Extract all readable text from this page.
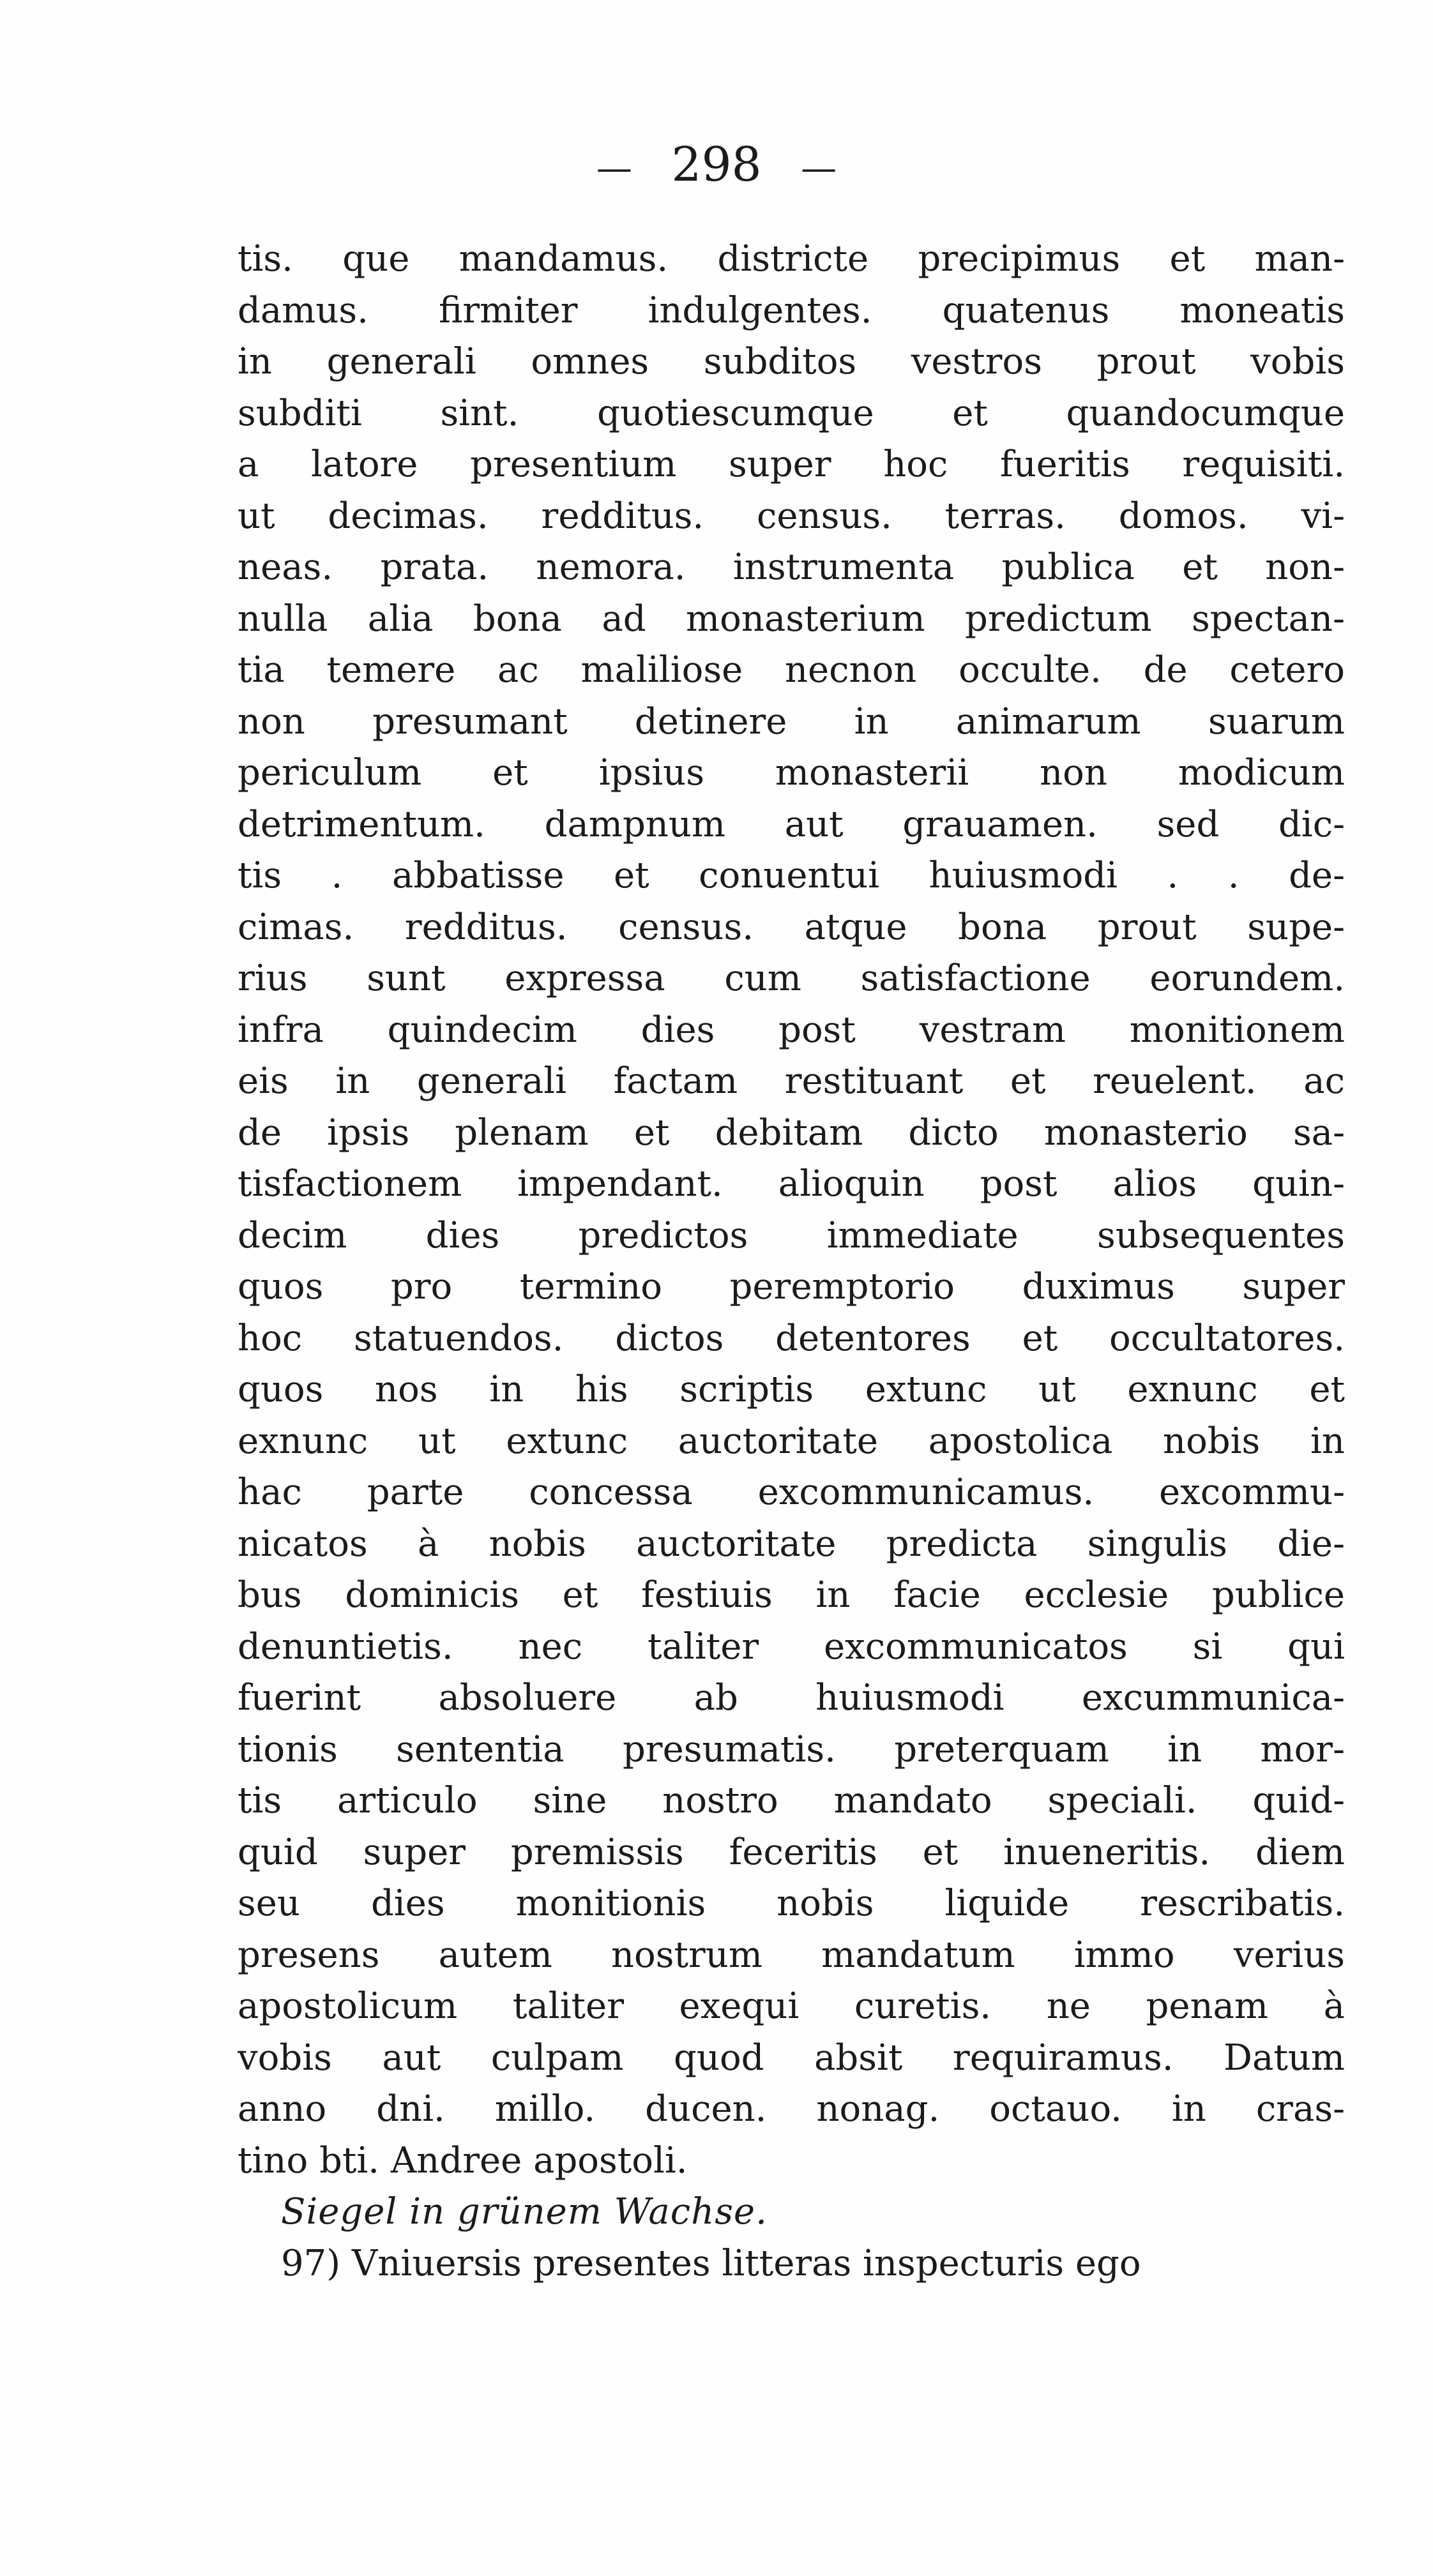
— 298 —
tis. que mandamus. districte precipimus et man-
damus. firmiter indulgentes. quatenus moneatis
in generali omnes subditos vestros prout vobis
subditi sint. quotiescumque et quandocumque
a latore presentium super hoc fueritis requisiti.
ut decimas. redditus. census. terras. domos. vi-
neas. prata. nemora. instrumenta publica et non-
nulla alia bona ad monasterium predictum spectan-
tia temere ac maliliose necnon occulte. de cetero
non presumant detinere in animarum suarum
periculum et ipsius monasterii non modicum
detrimentum. dampnum aut grauamen. sed dic-
tis . abbatisse et conuentui huiusmodi . . de-
cimas. redditus. census. atque bona prout supe-
rius sunt expressa cum satisfactione eorundem.
infra quindecim dies post vestram monitionem
eis in generali factam restituant et reuelent. ac
de ipsis plenam et debitam dicto monasterio sa-
tisfactionem impendant. alioquin post alios quin-
decim dies predictos immediate subsequentes
quos pro termino peremptorio duximus super
hoc statuendos. dictos detentores et occultatores.
quos nos in his scriptis extunc ut exnunc et
exnunc ut extunc auctoritate apostolica nobis in
hac parte concessa excommunicamus. excommu-
nicatos à nobis auctoritate predicta singulis die-
bus dominicis et festiuis in facie ecclesie publice
denuntietis. nec taliter excommunicatos si qui
fuerint absoluere ab huiusmodi excummunica-
tionis sententia presumatis. preterquam in mor-
tis articulo sine nostro mandato speciali. quid-
quid super premissis feceritis et inueneritis. diem
seu dies monitionis nobis liquide rescribatis.
presens autem nostrum mandatum immo verius
apostolicum taliter exequi curetis. ne penam à
vobis aut culpam quod absit requiramus. Datum
anno dni. millo. ducen. nonag. octauo. in cras-
tino bti. Andree apostoli.
Siegel in grünem Wachse.
97) Vniuersis presentes litteras inspecturis ego
